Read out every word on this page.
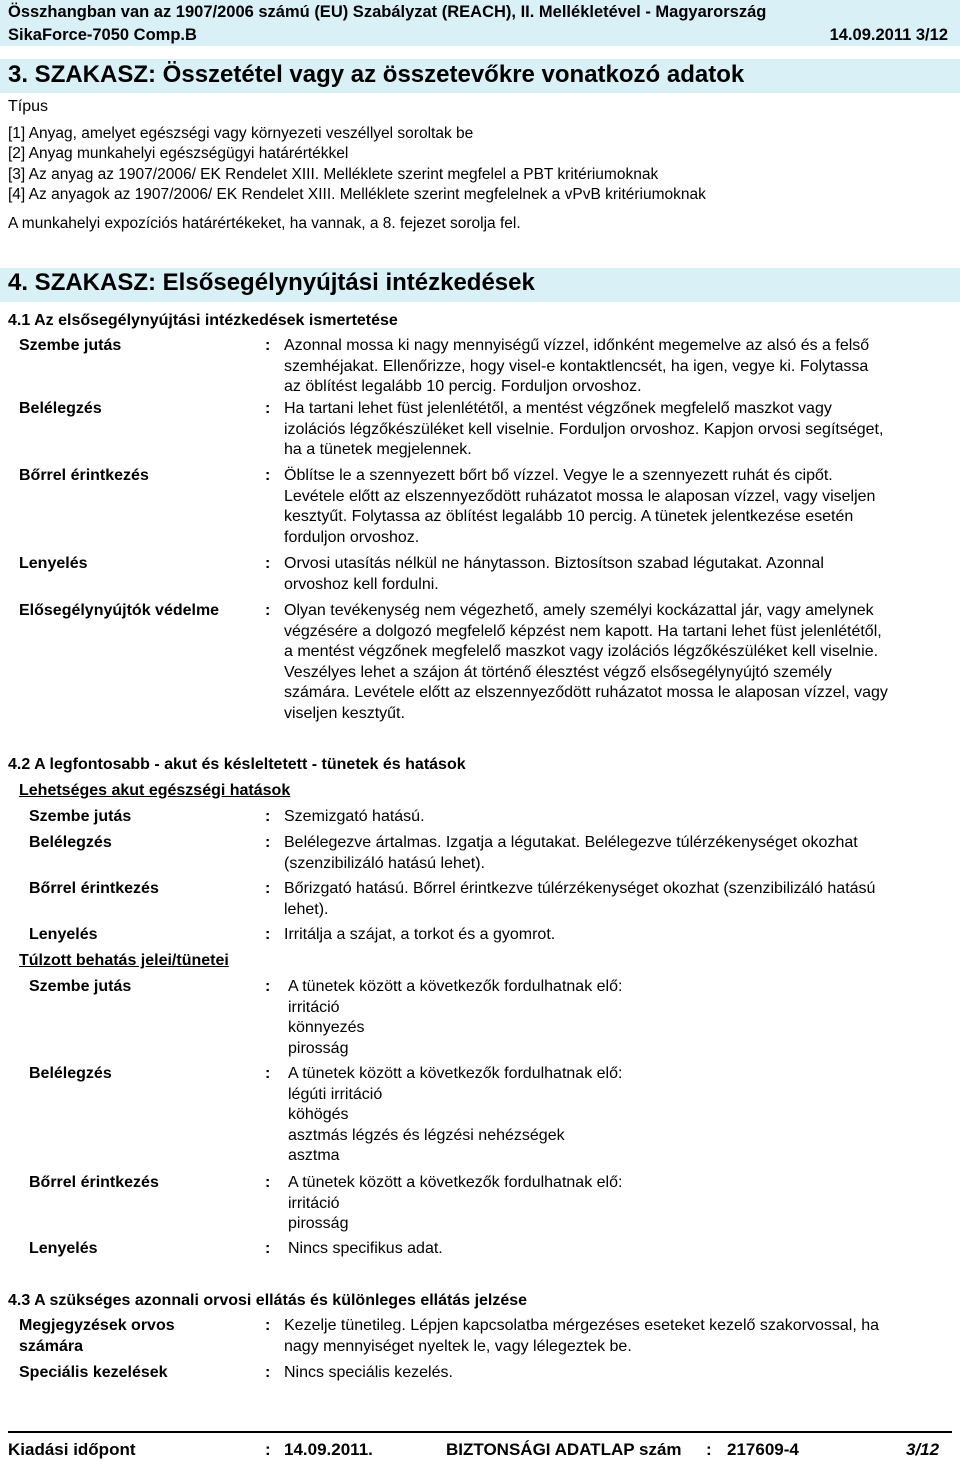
Összhangban van az 1907/2006 számú (EU) Szabályzat (REACH), II. Mellékletével - Magyarország
SikaForce-7050 Comp.B	14.09.2011 3/12
3. SZAKASZ: Összetétel vagy az összetevőkre vonatkozó adatok
Típus
[1] Anyag, amelyet egészségi vagy környezeti veszéllyel soroltak be
[2] Anyag munkahelyi egészségügyi határértékkel
[3] Az anyag az 1907/2006/ EK Rendelet XIII. Melléklete szerint megfelel a PBT kritériumoknak
[4] Az anyagok az 1907/2006/ EK Rendelet XIII. Melléklete szerint megfelelnek a vPvB kritériumoknak
A munkahelyi expozíciós határértékeket, ha vannak, a 8. fejezet sorolja fel.
4. SZAKASZ: Elsősegélynyújtási intézkedések
4.1 Az elsősegélynyújtási intézkedések ismertetése
Szembe jutás	: Azonnal mossa ki nagy mennyiségű vízzel, időnként megemelve az alsó és a felső
szemhéjakat. Ellenőrizze, hogy visel-e kontaktlencsét, ha igen, vegye ki. Folytassa
az öblítést legalább 10 percig. Forduljon orvoshoz.
Belélegzés	: Ha tartani lehet füst jelenlététől, a mentést végzőnek megfelelő maszkot vagy
izolációs légzőkészüléket kell viselnie. Forduljon orvoshoz. Kapjon orvosi segítséget,
ha a tünetek megjelennek.
Bőrrel érintkezés	: Öblítse le a szennyezett bőrt bő vízzel. Vegye le a szennyezett ruhát és cipőt.
Levétele előtt az elszennyeződött ruházatot mossa le alaposan vízzel, vagy viseljen
kesztyűt. Folytassa az öblítést legalább 10 percig. A tünetek jelentkezése esetén
forduljon orvoshoz.
Lenyelés	: Orvosi utasítás nélkül ne hánytasson. Biztosítson szabad légutakat. Azonnal
orvoshoz kell fordulni.
Elősegélynyújtók védelme	: Olyan tevékenység nem végezhető, amely személyi kockázattal jár, vagy amelynek
végzésére a dolgozó megfelelő képzést nem kapott. Ha tartani lehet füst jelenlététől,
a mentést végzőnek megfelelő maszkot vagy izolációs légzőkészüléket kell viselnie.
Veszélyes lehet a szájon át történő élesztést végző elsősegélynyújtó személy
számára. Levétele előtt az elszennyeződött ruházatot mossa le alaposan vízzel, vagy
viseljen kesztyűt.
4.2 A legfontosabb - akut és késleltetett - tünetek és hatások
Lehetséges akut egészségi hatások
Szembe jutás	: Szemizgató hatású.
Belélegzés	: Belélegezve ártalmas. Izgatja a légutakat. Belélegezve túlérzékenységet okozhat
(szenzibilizáló hatású lehet).
Bőrrel érintkezés	: Bőrizgató hatású. Bőrrel érintkezve túlérzékenységet okozhat (szenzibilizáló hatású
lehet).
Lenyelés	: Irritálja a szájat, a torkot és a gyomrot.
Túlzott behatás jelei/tünetei
Szembe jutás	: A tünetek között a következők fordulhatnak elő:
irritáció
könnyezés
pirosság
Belélegzés	: A tünetek között a következők fordulhatnak elő:
légúti irritáció
köhögés
asztmás légzés és légzési nehézségek
asztma
Bőrrel érintkezés	: A tünetek között a következők fordulhatnak elő:
irritáció
pirosság
Lenyelés	: Nincs specifikus adat.
4.3 A szükséges azonnali orvosi ellátás és különleges ellátás jelzése
Megjegyzések orvos
számára
: Kezelje tünetileg. Lépjen kapcsolatba mérgezéses eseteket kezelő szakorvossal, ha
nagy mennyiséget nyeltek le, vagy lélegeztek be.
Speciális kezelések	: Nincs speciális kezelés.
Kiadási időpont	: 14.09.2011.	BIZTONSÁGI ADATLAP szám : 217609-4	3/12
